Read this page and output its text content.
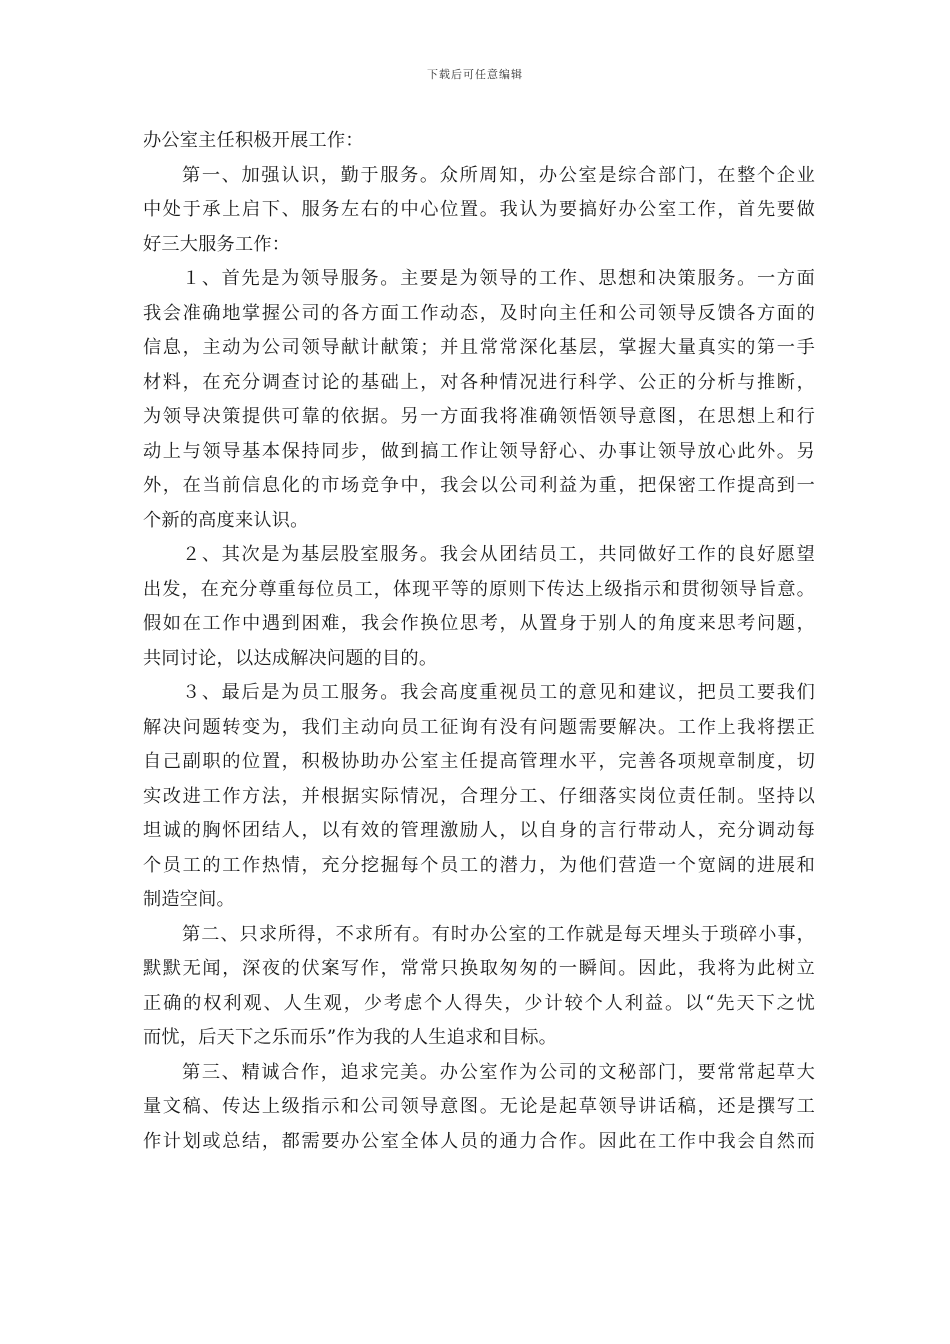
下载后可任意编辑
办公室主任积极开展工作：
第一、加强认识，勤于服务。众所周知，办公室是综合部门，在整个企业
中处于承上启下、服务左右的中心位置。我认为要搞好办公室工作，首先要做
好三大服务工作：
１、首先是为领导服务。主要是为领导的工作、思想和决策服务。一方面
我会准确地掌握公司的各方面工作动态，及时向主任和公司领导反馈各方面的
信息，主动为公司领导献计献策；并且常常深化基层，掌握大量真实的第一手
材料，在充分调查讨论的基础上，对各种情况进行科学、公正的分析与推断，
为领导决策提供可靠的依据。另一方面我将准确领悟领导意图，在思想上和行
动上与领导基本保持同步，做到搞工作让领导舒心、办事让领导放心此外。另
外，在当前信息化的市场竞争中，我会以公司利益为重，把保密工作提高到一
个新的高度来认识。
２、其次是为基层股室服务。我会从团结员工，共同做好工作的良好愿望
出发，在充分尊重每位员工，体现平等的原则下传达上级指示和贯彻领导旨意。
假如在工作中遇到困难，我会作换位思考，从置身于别人的角度来思考问题，
共同讨论，以达成解决问题的目的。
３、最后是为员工服务。我会高度重视员工的意见和建议，把员工要我们
解决问题转变为，我们主动向员工征询有没有问题需要解决。工作上我将摆正
自己副职的位置，积极协助办公室主任提高管理水平，完善各项规章制度，切
实改进工作方法，并根据实际情况，合理分工、仔细落实岗位责任制。坚持以
坦诚的胸怀团结人，以有效的管理激励人，以自身的言行带动人，充分调动每
个员工的工作热情，充分挖掘每个员工的潜力，为他们营造一个宽阔的进展和
制造空间。
第二、只求所得，不求所有。有时办公室的工作就是每天埋头于琐碎小事，
默默无闻，深夜的伏案写作，常常只换取匆匆的一瞬间。因此，我将为此树立
正确的权利观、人生观，少考虑个人得失，少计较个人利益。以“先天下之忧
而忧，后天下之乐而乐”作为我的人生追求和目标。
第三、精诚合作，追求完美。办公室作为公司的文秘部门，要常常起草大
量文稿、传达上级指示和公司领导意图。无论是起草领导讲话稿，还是撰写工
作计划或总结，都需要办公室全体人员的通力合作。因此在工作中我会自然而
